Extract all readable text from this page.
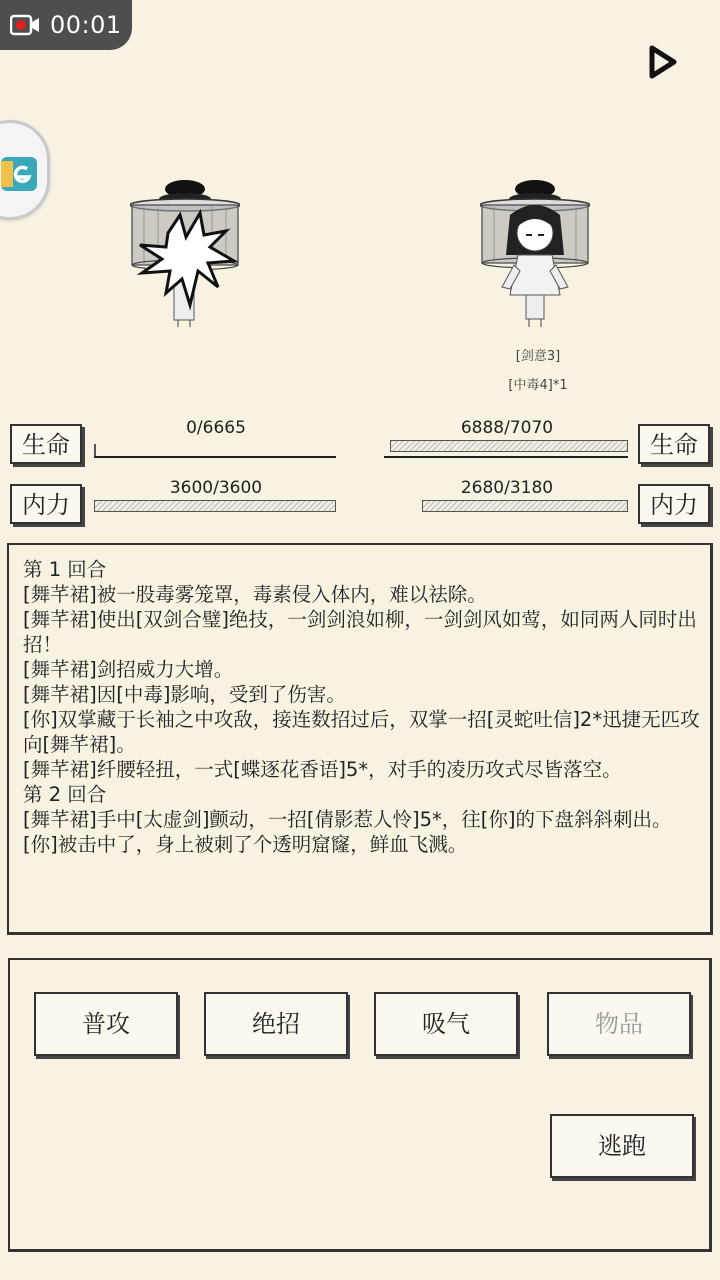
00:01
[剑意3]
[中毒4]*1
生命
0/6665
生命
6888/7070
内力
3600/3600
内力
2680/3180

第 1 回合

[舞芊裙]被一股毒雾笼罩，毒素侵入体内，难以祛除。

[舞芊裙]使出[双剑合璧]绝技，一剑剑浪如柳，一剑剑风如莺，如同两人同时出招！

[舞芊裙]剑招威力大增。

[舞芊裙]因[中毒]影响，受到了伤害。

[你]双掌藏于长袖之中攻敌，接连数招过后，双掌一招[灵蛇吐信]2*迅捷无匹攻向[舞芊裙]。

[舞芊裙]纤腰轻扭，一式[蝶逐花香语]5*，对手的凌历攻式尽皆落空。

第 2 回合

[舞芊裙]手中[太虚剑]颤动，一招[倩影惹人怜]5*，往[你]的下盘斜斜刺出。

[你]被击中了，身上被刺了个透明窟窿，鲜血飞溅。

普攻	绝招	吸气	物品
逃跑
